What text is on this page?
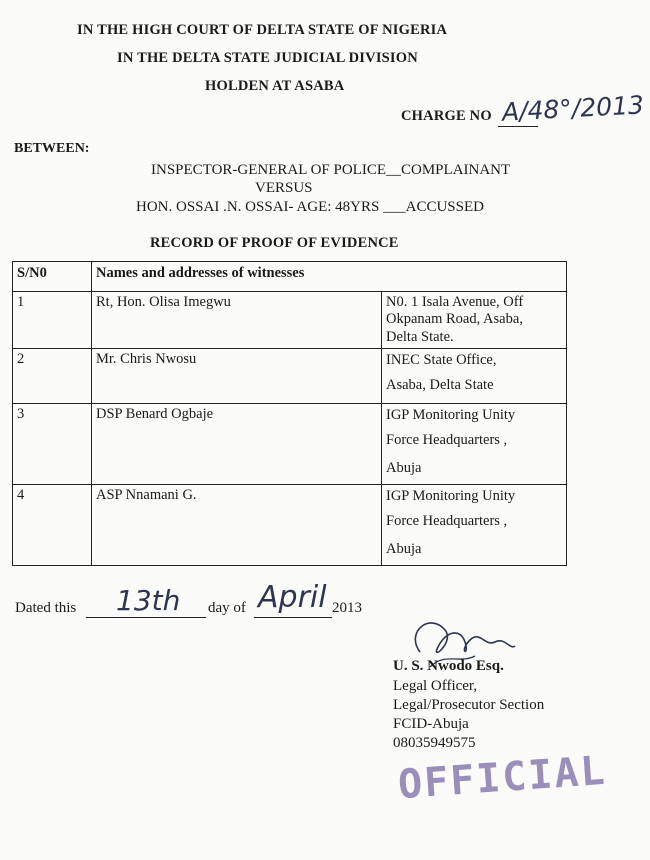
IN THE HIGH COURT OF DELTA STATE OF NIGERIA
IN THE DELTA STATE JUDICIAL DIVISION
HOLDEN AT ASABA
CHARGE NO A/48°/2013
BETWEEN:
INSPECTOR-GENERAL OF POLICE__COMPLAINANT
VERSUS
HON. OSSAI .N. OSSAI- AGE: 48YRS ___ACCUSSED
RECORD OF PROOF OF EVIDENCE
S/N0	Names and addresses of witnesses	
1	Rt, Hon. Olisa Imegwu	N0. 1 Isala Avenue, Off
Okpanam Road, Asaba,
Delta State.

2	Mr. Chris Nwosu	INEC State Office,
Asaba, Delta State

3	DSP Benard Ogbaje	IGP Monitoring Unity
Force Headquarters ,
Abuja

4	ASP Nnamani G.	IGP Monitoring Unity
Force Headquarters ,
Abuja
Dated this 13th day of April 2013
U. S. Nwodo Esq.
Legal Officer,
Legal/Prosecutor Section
FCID-Abuja
08035949575
OFFICIAL
